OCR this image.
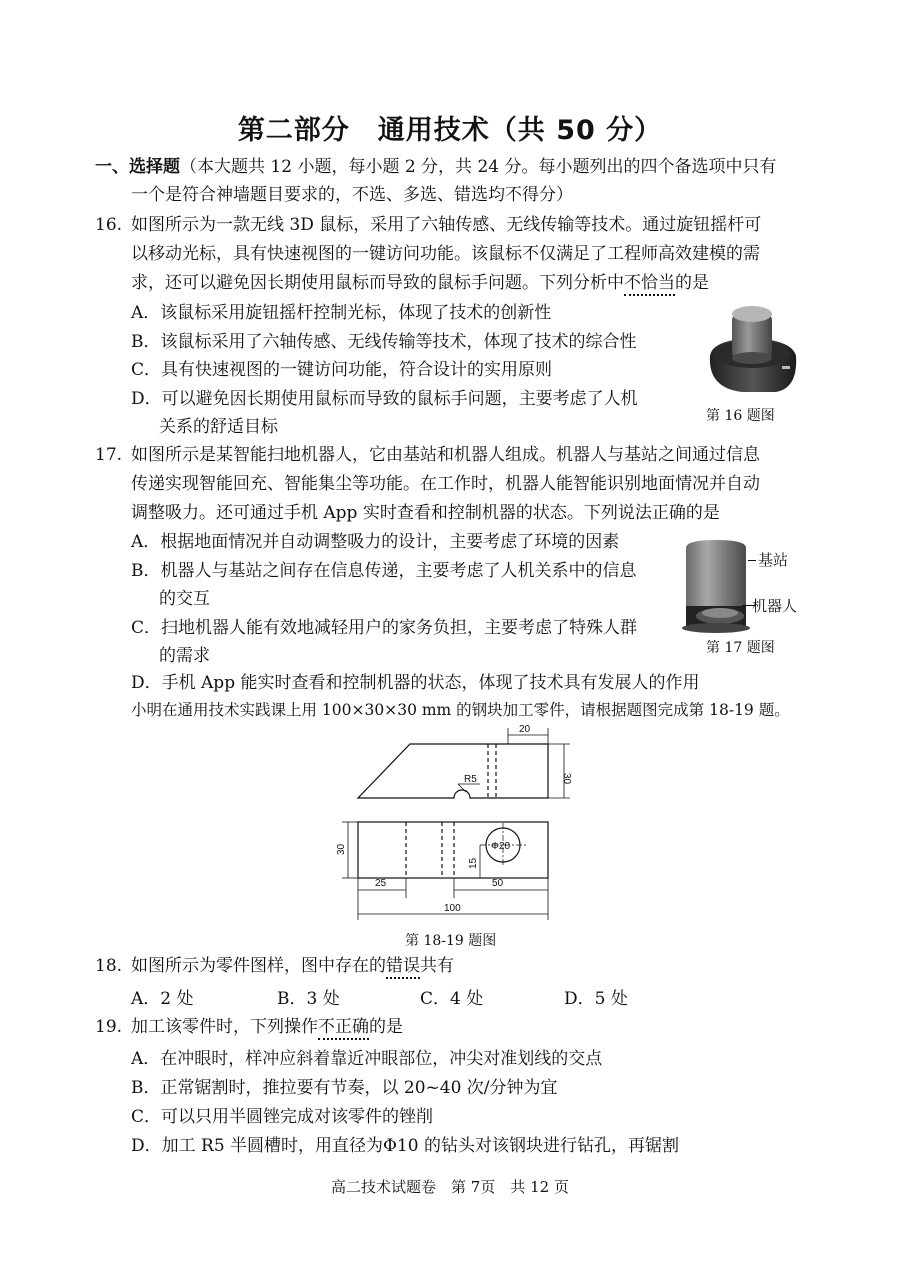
第二部分　通用技术（共 50 分）
一、选择题（本大题共 12 小题，每小题 2 分，共 24 分。每小题列出的四个备选项中只有
一个是符合神墙题目要求的，不选、多选、错选均不得分）
16. 如图所示为一款无线 3D 鼠标，采用了六轴传感、无线传输等技术。通过旋钮摇杆可
以移动光标，具有快速视图的一键访问功能。该鼠标不仅满足了工程师高效建模的需
求，还可以避免因长期使用鼠标而导致的鼠标手问题。下列分析中不恰当的是
A．该鼠标采用旋钮摇杆控制光标，体现了技术的创新性
B．该鼠标采用了六轴传感、无线传输等技术，体现了技术的综合性
C．具有快速视图的一键访问功能，符合设计的实用原则
D．可以避免因长期使用鼠标而导致的鼠标手问题，主要考虑了人机
关系的舒适目标
第 16 题图
17. 如图所示是某智能扫地机器人，它由基站和机器人组成。机器人与基站之间通过信息
传递实现智能回充、智能集尘等功能。在工作时，机器人能智能识别地面情况并自动
调整吸力。还可通过手机 App 实时查看和控制机器的状态。下列说法正确的是
A．根据地面情况并自动调整吸力的设计，主要考虑了环境的因素
B．机器人与基站之间存在信息传递，主要考虑了人机关系中的信息
的交互
C．扫地机器人能有效地减轻用户的家务负担，主要考虑了特殊人群
的需求
D．手机 App 能实时查看和控制机器的状态，体现了技术具有发展人的作用
基站
机器人
第 17 题图
小明在通用技术实践课上用 100×30×30 mm 的钢块加工零件，请根据题图完成第 18-19 题。
20
30
R5
30	Φ20
15
25	50
100
第 18-19 题图
18. 如图所示为零件图样，图中存在的错误共有
A．2 处	B．3 处	C．4 处	D．5 处
19. 加工该零件时，下列操作不正确的是
A．在冲眼时，样冲应斜着靠近冲眼部位，冲尖对准划线的交点
B．正常锯割时，推拉要有节奏，以 20~40 次/分钟为宜
C．可以只用半圆锉完成对该零件的锉削
D．加工 R5 半圆槽时，用直径为Φ10 的钻头对该钢块进行钻孔，再锯割
高二技术试题卷　第 7页　共 12 页
